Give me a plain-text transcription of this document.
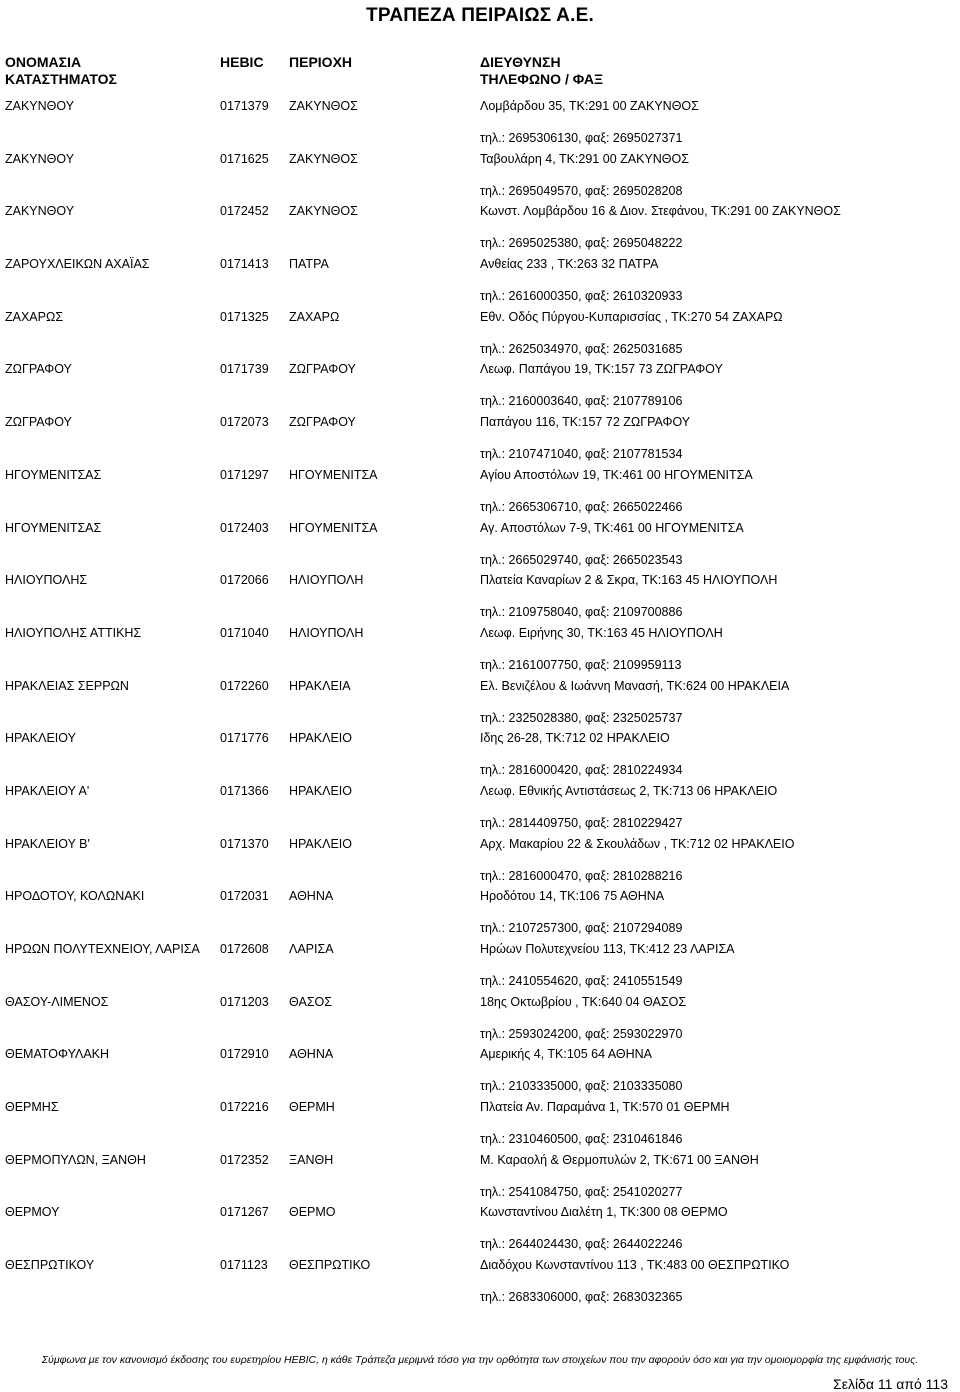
ΤΡΑΠΕΖΑ ΠΕΙΡΑΙΩΣ Α.Ε.
ΟΝΟΜΑΣΙΑ
ΚΑΤΑΣΤΗΜΑΤΟΣ
HEBIC ΠΕΡΙΟΧΗ	ΔΙΕΥΘΥΝΣΗ
ΤΗΛΕΦΩΝΟ / ΦΑΞ
ΖΑΚΥΝΘΟΥ	0171379 ΖΑΚΥΝΘΟΣ	Λομβάρδου 35, ΤΚ:291 00 ΖΑΚΥΝΘΟΣ
τηλ.: 2695306130, φαξ: 2695027371
ΖΑΚΥΝΘΟΥ	0171625 ΖΑΚΥΝΘΟΣ	Ταβουλάρη 4, ΤΚ:291 00 ΖΑΚΥΝΘΟΣ
τηλ.: 2695049570, φαξ: 2695028208
ΖΑΚΥΝΘΟΥ	0172452 ΖΑΚΥΝΘΟΣ	Κωνστ. Λομβάρδου 16 & Διον. Στεφάνου, ΤΚ:291 00 ΖΑΚΥΝΘΟΣ
τηλ.: 2695025380, φαξ: 2695048222
ΖΑΡΟΥΧΛΕΙΚΩΝ ΑΧΑΪΑΣ	0171413 ΠΑΤΡΑ	Ανθείας 233 , ΤΚ:263 32 ΠΑΤΡΑ
τηλ.: 2616000350, φαξ: 2610320933
ΖΑΧΑΡΩΣ	0171325 ΖΑΧΑΡΩ	Εθν. Οδός Πύργου-Κυπαρισσίας , ΤΚ:270 54 ΖΑΧΑΡΩ
τηλ.: 2625034970, φαξ: 2625031685
ΖΩΓΡΑΦΟΥ	0171739 ΖΩΓΡΑΦΟΥ	Λεωφ. Παπάγου 19, ΤΚ:157 73 ΖΩΓΡΑΦΟΥ
τηλ.: 2160003640, φαξ: 2107789106
ΖΩΓΡΑΦΟΥ	0172073 ΖΩΓΡΑΦΟΥ	Παπάγου 116, ΤΚ:157 72 ΖΩΓΡΑΦΟΥ
τηλ.: 2107471040, φαξ: 2107781534
ΗΓΟΥΜΕΝΙΤΣΑΣ	0171297 ΗΓΟΥΜΕΝΙΤΣΑ	Αγίου Αποστόλων 19, ΤΚ:461 00 ΗΓΟΥΜΕΝΙΤΣΑ
τηλ.: 2665306710, φαξ: 2665022466
ΗΓΟΥΜΕΝΙΤΣΑΣ	0172403 ΗΓΟΥΜΕΝΙΤΣΑ	Αγ. Αποστόλων 7-9, ΤΚ:461 00 ΗΓΟΥΜΕΝΙΤΣΑ
τηλ.: 2665029740, φαξ: 2665023543
ΗΛΙΟΥΠΟΛΗΣ	0172066 ΗΛΙΟΥΠΟΛΗ	Πλατεία Καναρίων 2 & Σκρα, ΤΚ:163 45 ΗΛΙΟΥΠΟΛΗ
τηλ.: 2109758040, φαξ: 2109700886
ΗΛΙΟΥΠΟΛΗΣ ΑΤΤΙΚΗΣ	0171040 ΗΛΙΟΥΠΟΛΗ	Λεωφ. Ειρήνης 30, ΤΚ:163 45 ΗΛΙΟΥΠΟΛΗ
τηλ.: 2161007750, φαξ: 2109959113
ΗΡΑΚΛΕΙΑΣ ΣΕΡΡΩΝ	0172260 ΗΡΑΚΛΕΙΑ	Ελ. Βενιζέλου & Ιωάννη Μανασή, ΤΚ:624 00 ΗΡΑΚΛΕΙΑ
τηλ.: 2325028380, φαξ: 2325025737
ΗΡΑΚΛΕΙΟΥ	0171776 ΗΡΑΚΛΕΙΟ	Ιδης 26-28, ΤΚ:712 02 ΗΡΑΚΛΕΙΟ
τηλ.: 2816000420, φαξ: 2810224934
ΗΡΑΚΛΕΙΟΥ Α'	0171366 ΗΡΑΚΛΕΙΟ	Λεωφ. Εθνικής Αντιστάσεως 2, ΤΚ:713 06 ΗΡΑΚΛΕΙΟ
τηλ.: 2814409750, φαξ: 2810229427
ΗΡΑΚΛΕΙΟΥ Β'	0171370 ΗΡΑΚΛΕΙΟ	Αρχ. Μακαρίου 22 & Σκουλάδων , ΤΚ:712 02 ΗΡΑΚΛΕΙΟ
τηλ.: 2816000470, φαξ: 2810288216
ΗΡΟΔΟΤΟΥ, ΚΟΛΩΝΑΚΙ	0172031 ΑΘΗΝΑ	Ηροδότου 14, ΤΚ:106 75 ΑΘΗΝΑ
τηλ.: 2107257300, φαξ: 2107294089
ΗΡΩΩΝ ΠΟΛΥΤΕΧΝΕΙΟΥ, ΛΑΡΙΣΑ 0172608 ΛΑΡΙΣΑ	Ηρώων Πολυτεχνείου 113, ΤΚ:412 23 ΛΑΡΙΣΑ
τηλ.: 2410554620, φαξ: 2410551549
ΘΑΣΟΥ-ΛΙΜΕΝΟΣ	0171203 ΘΑΣΟΣ	18ης Οκτωβρίου , ΤΚ:640 04 ΘΑΣΟΣ
τηλ.: 2593024200, φαξ: 2593022970
ΘΕΜΑΤΟΦΥΛΑΚΗ	0172910 ΑΘΗΝΑ	Αμερικής 4, ΤΚ:105 64 ΑΘΗΝΑ
τηλ.: 2103335000, φαξ: 2103335080
ΘΕΡΜΗΣ	0172216 ΘΕΡΜΗ	Πλατεία Αν. Παραμάνα 1, ΤΚ:570 01 ΘΕΡΜΗ
τηλ.: 2310460500, φαξ: 2310461846
ΘΕΡΜΟΠΥΛΩΝ, ΞΑΝΘΗ	0172352 ΞΑΝΘΗ	Μ. Καραολή & Θερμοπυλών 2, ΤΚ:671 00 ΞΑΝΘΗ
τηλ.: 2541084750, φαξ: 2541020277
ΘΕΡΜΟΥ	0171267 ΘΕΡΜΟ	Κωνσταντίνου Διαλέτη 1, ΤΚ:300 08 ΘΕΡΜΟ
τηλ.: 2644024430, φαξ: 2644022246
ΘΕΣΠΡΩΤΙΚΟΥ	0171123 ΘΕΣΠΡΩΤΙΚΟ	Διαδόχου Κωνσταντίνου 113 , ΤΚ:483 00 ΘΕΣΠΡΩΤΙΚΟ
τηλ.: 2683306000, φαξ: 2683032365
Σύμφωνα με τον κανονισμό έκδοσης του ευρετηρίου HEBIC, η κάθε Τράπεζα μεριμνά τόσο για την ορθότητα των στοιχείων που την αφορούν όσο και για την ομοιομορφία της εμφάνισής τους.
Σελίδα 11 από 113
